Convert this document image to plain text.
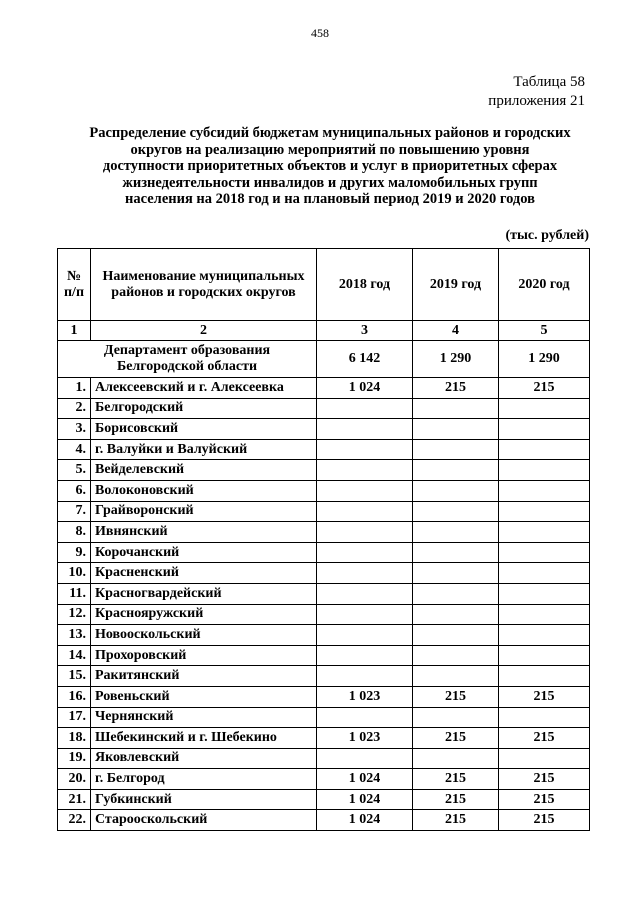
458
Таблица 58
приложения 21
Распределение субсидий бюджетам муниципальных районов и городских
округов на реализацию мероприятий по повышению уровня
доступности приоритетных объектов и услуг в приоритетных сферах
жизнедеятельности инвалидов и других маломобильных групп
населения на 2018 год и на плановый период 2019 и 2020 годов
(тыс. рублей)
№ п/п	Наименование муниципальных районов и городских округов	2018 год	2019 год	2020 год
1	2	3	4	5
Департамент образования Белгородской области		6 142	1 290	1 290
1.	Алексеевский и г. Алексеевка	1 024	215	215
2.	Белгородский			
3.	Борисовский			
4.	г. Валуйки и Валуйский			
5.	Вейделевский			
6.	Волоконовский			
7.	Грайворонский			
8.	Ивнянский			
9.	Корочанский			
10.	Красненский			
11.	Красногвардейский			
12.	Краснояружский			
13.	Новооскольский			
14.	Прохоровский			
15.	Ракитянский			
16.	Ровеньский	1 023	215	215
17.	Чернянский			
18.	Шебекинский и г. Шебекино	1 023	215	215
19.	Яковлевский			
20.	г. Белгород	1 024	215	215
21.	Губкинский	1 024	215	215
22.	Старооскольский	1 024	215	215
